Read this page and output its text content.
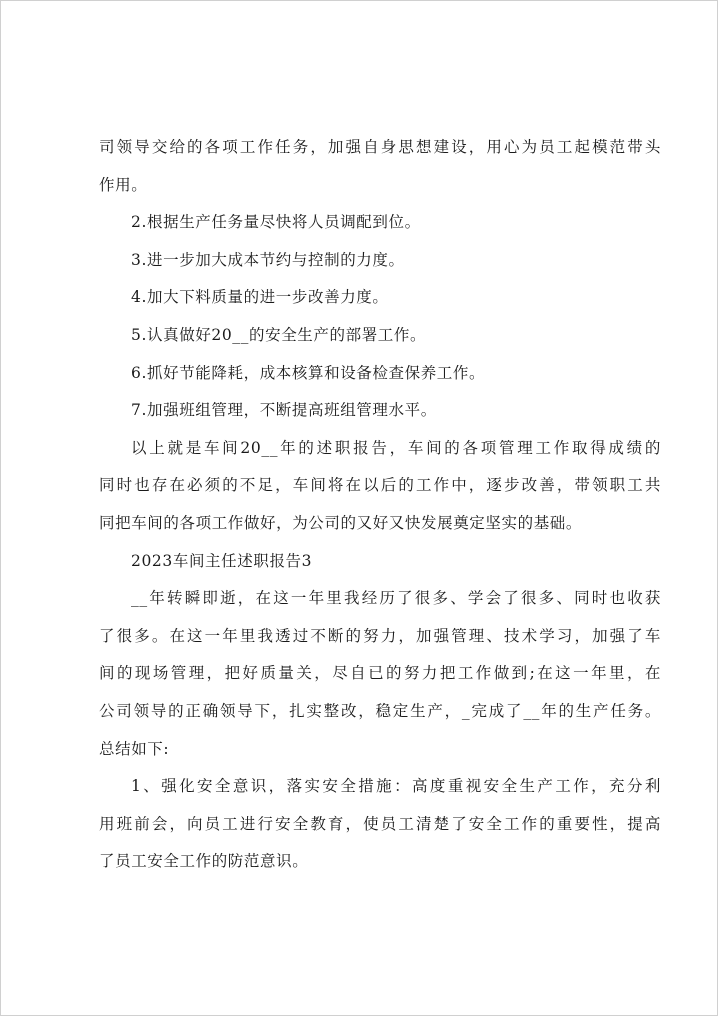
司领导交给的各项工作任务，加强自身思想建设，用心为员工起模范带头
作用。
2.根据生产任务量尽快将人员调配到位。
3.进一步加大成本节约与控制的力度。
4.加大下料质量的进一步改善力度。
5.认真做好20__的安全生产的部署工作。
6.抓好节能降耗，成本核算和设备检查保养工作。
7.加强班组管理，不断提高班组管理水平。
以上就是车间20__年的述职报告，车间的各项管理工作取得成绩的
同时也存在必须的不足，车间将在以后的工作中，逐步改善，带领职工共
同把车间的各项工作做好，为公司的又好又快发展奠定坚实的基础。
2023车间主任述职报告3
__年转瞬即逝，在这一年里我经历了很多、学会了很多、同时也收获
了很多。在这一年里我透过不断的努力，加强管理、技术学习，加强了车
间的现场管理，把好质量关，尽自已的努力把工作做到;在这一年里，在
公司领导的正确领导下，扎实整改，稳定生产，_完成了__年的生产任务。
总结如下:
1、强化安全意识，落实安全措施：高度重视安全生产工作，充分利
用班前会，向员工进行安全教育，使员工清楚了安全工作的重要性，提高
了员工安全工作的防范意识。
